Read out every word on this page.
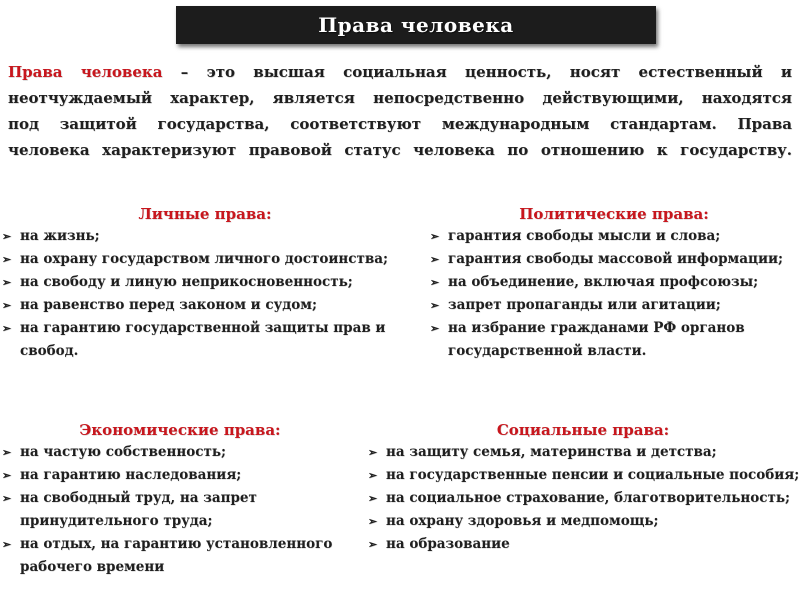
Права человека
Права человека – это высшая социальная ценность, носят естественный и
неотчуждаемый характер, является непосредственно действующими, находятся
под защитой государства, соответствуют международным стандартам. Права
человека характеризуют правовой статус человека по отношению к государству.
Личные права:
➢ на жизнь;
➢ на охрану государством личного достоинства;
➢ на свободу и линую неприкосновенность;
➢ на равенство перед законом и судом;
➢ на гарантию государственной защиты прав и свобод.
Политические права:
➢ гарантия свободы мысли и слова;
➢ гарантия свободы массовой информации;
➢ на объединение, включая профсоюзы;
➢ запрет пропаганды или агитации;
➢ на избрание гражданами РФ органов государственной власти.
Экономические права:
➢ на частую собственность;
➢ на гарантию наследования;
➢ на свободный труд, на запрет принудительного труда;
➢ на отдых, на гарантию установленного рабочего времени
Социальные права:
➢ на защиту семья, материнства и детства;
➢ на государственные пенсии и социальные пособия;
➢ на социальное страхование, благотворительность;
➢ на охрану здоровья и медпомощь;
➢ на образование
